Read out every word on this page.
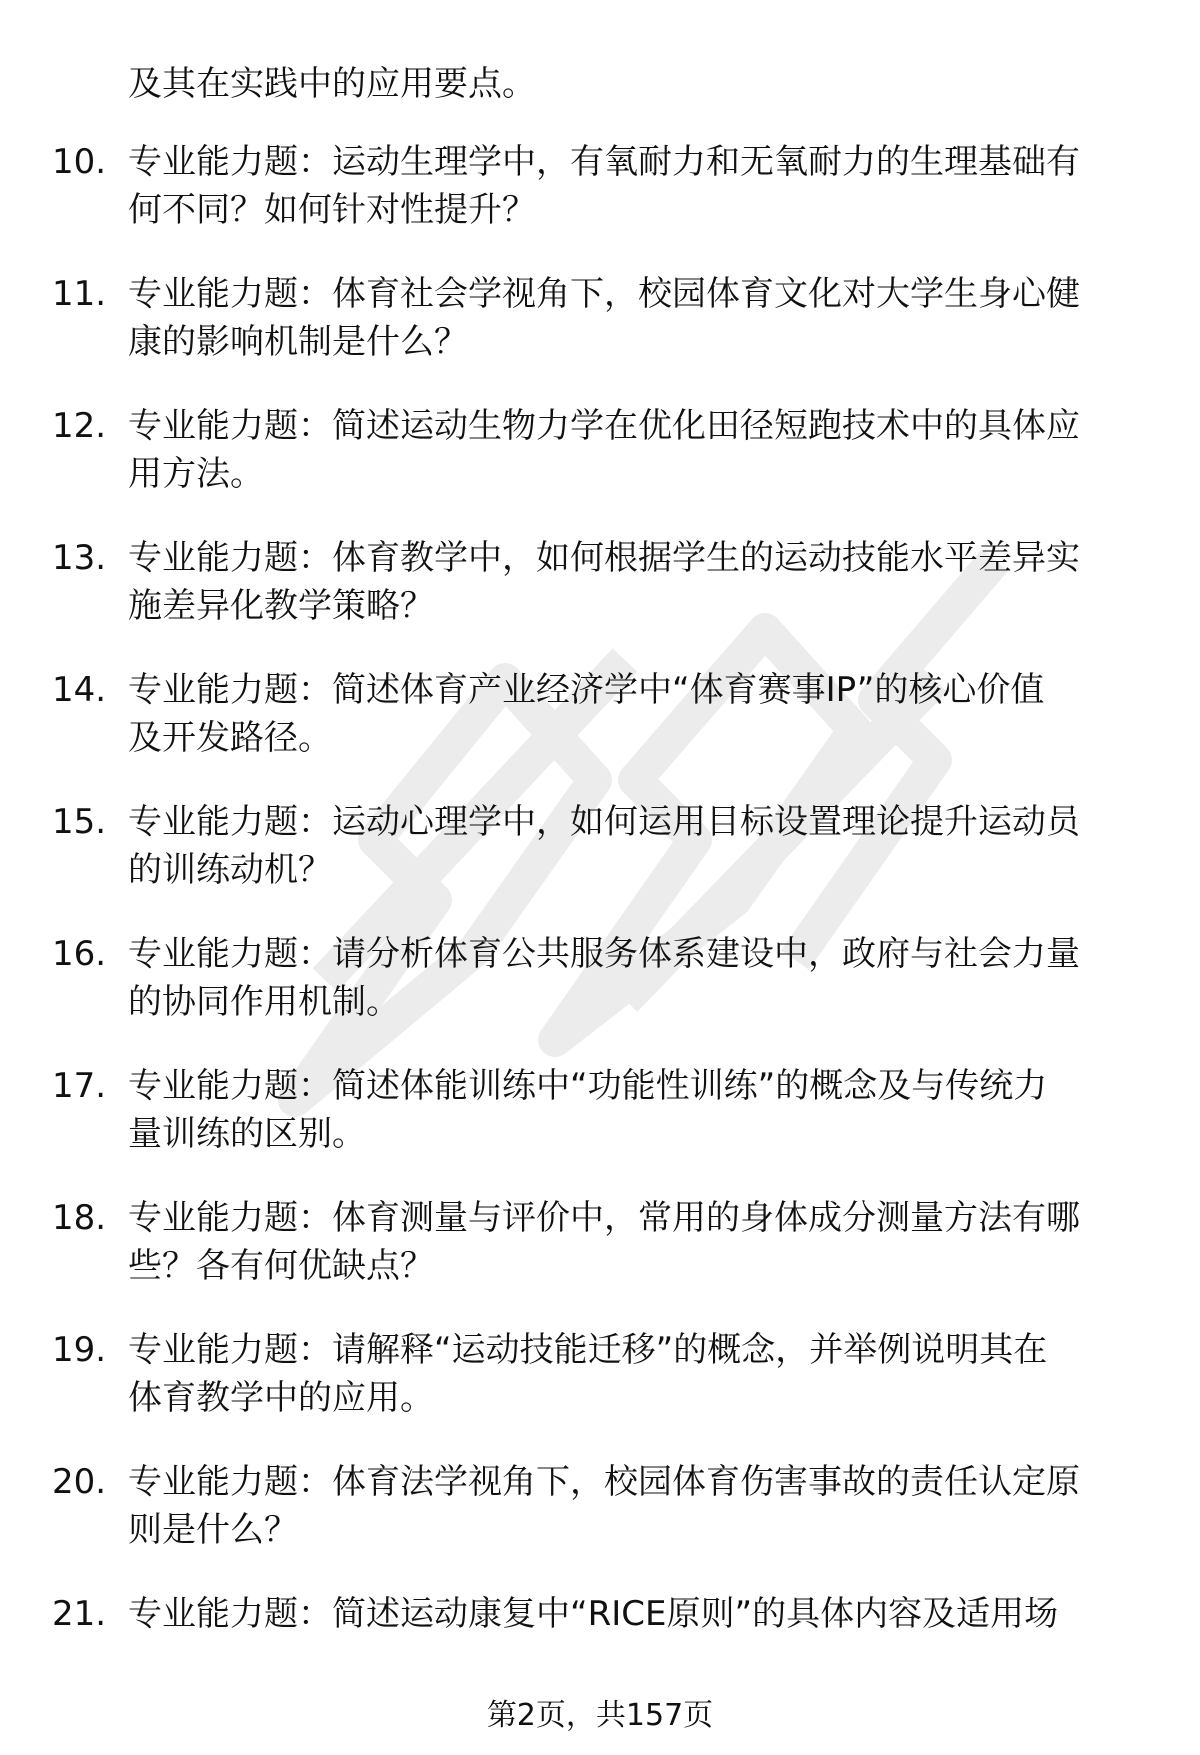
及其在实践中的应用要点。
10. 专业能力题：运动生理学中，有氧耐力和无氧耐力的生理基础有
何不同？如何针对性提升？
11. 专业能力题：体育社会学视角下，校园体育文化对大学生身心健
康的影响机制是什么？
12. 专业能力题：简述运动生物力学在优化田径短跑技术中的具体应
用方法。
13. 专业能力题：体育教学中，如何根据学生的运动技能水平差异实
施差异化教学策略？
14. 专业能力题：简述体育产业经济学中“体育赛事IP”的核心价值
及开发路径。
15. 专业能力题：运动心理学中，如何运用目标设置理论提升运动员
的训练动机？
16. 专业能力题：请分析体育公共服务体系建设中，政府与社会力量
的协同作用机制。
17. 专业能力题：简述体能训练中“功能性训练”的概念及与传统力
量训练的区别。
18. 专业能力题：体育测量与评价中，常用的身体成分测量方法有哪
些？各有何优缺点？
19. 专业能力题：请解释“运动技能迁移”的概念，并举例说明其在
体育教学中的应用。
20. 专业能力题：体育法学视角下，校园体育伤害事故的责任认定原
则是什么？
21. 专业能力题：简述运动康复中“RICE原则”的具体内容及适用场
第2页，共157页
